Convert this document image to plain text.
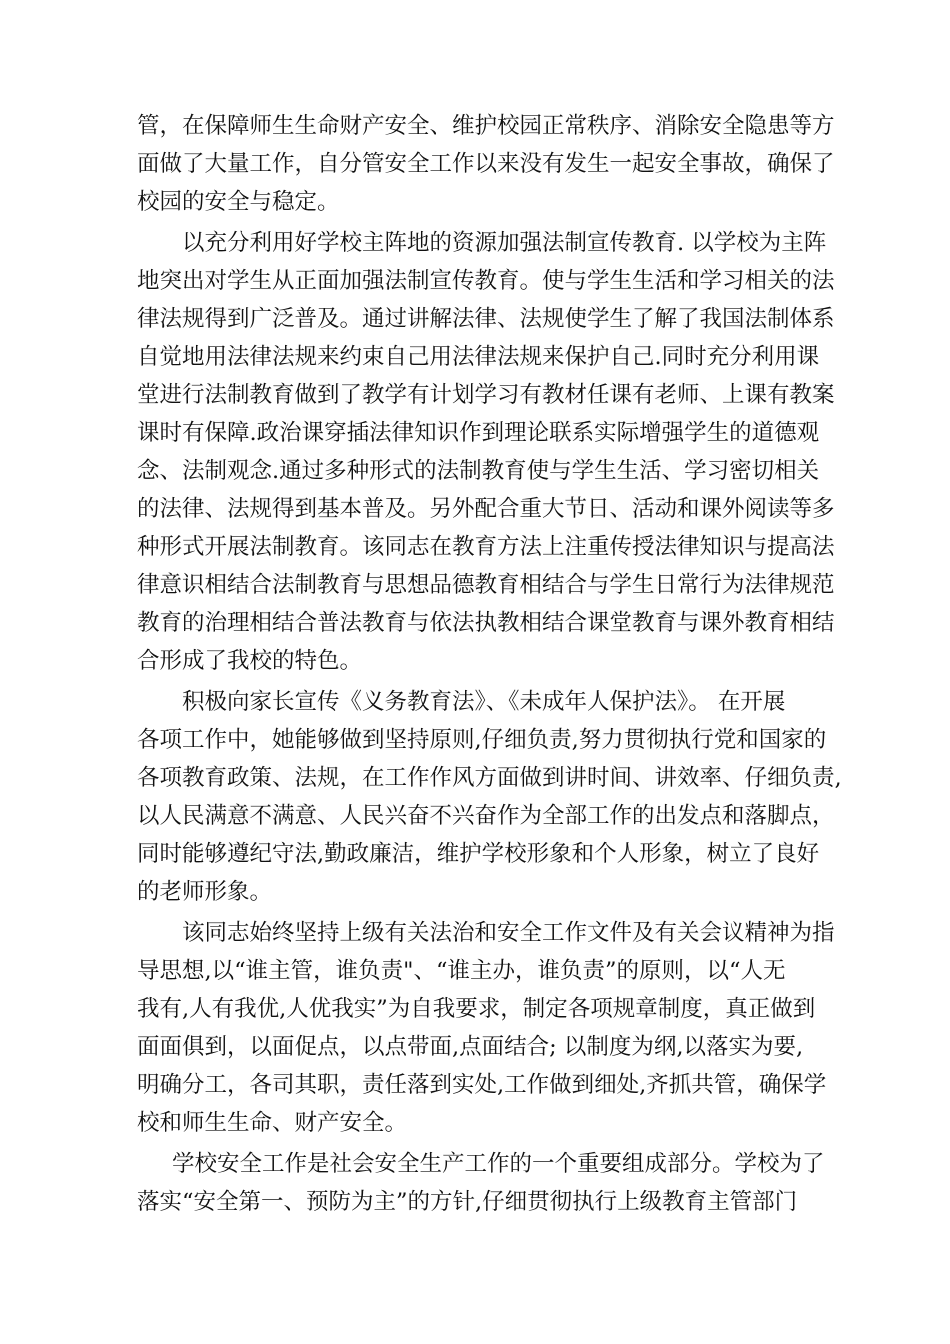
管，在保障师生生命财产安全、维护校园正常秩序、消除安全隐患等方
面做了大量工作，自分管安全工作以来没有发生一起安全事故，确保了
校园的安全与稳定。
以充分利用好学校主阵地的资源加强法制宣传教育. 以学校为主阵
地突出对学生从正面加强法制宣传教育。使与学生生活和学习相关的法
律法规得到广泛普及。通过讲解法律、法规使学生了解了我国法制体系
自觉地用法律法规来约束自己用法律法规来保护自己.同时充分利用课
堂进行法制教育做到了教学有计划学习有教材任课有老师、上课有教案
课时有保障.政治课穿插法律知识作到理论联系实际增强学生的道德观
念、法制观念.通过多种形式的法制教育使与学生生活、学习密切相关
的法律、法规得到基本普及。另外配合重大节日、活动和课外阅读等多
种形式开展法制教育。该同志在教育方法上注重传授法律知识与提高法
律意识相结合法制教育与思想品德教育相结合与学生日常行为法律规范
教育的治理相结合普法教育与依法执教相结合课堂教育与课外教育相结
合形成了我校的特色。
积极向家长宣传《义务教育法》、《未成年人保护法》。 在开展
各项工作中，她能够做到坚持原则,仔细负责,努力贯彻执行党和国家的
各项教育政策、法规，在工作作风方面做到讲时间、讲效率、仔细负责,
以人民满意不满意、人民兴奋不兴奋作为全部工作的出发点和落脚点，
同时能够遵纪守法,勤政廉洁，维护学校形象和个人形象，树立了良好
的老师形象。
该同志始终坚持上级有关法治和安全工作文件及有关会议精神为指
导思想,以“谁主管，谁负责"、“谁主办，谁负责”的原则，以“人无
我有,人有我优,人优我实”为自我要求，制定各项规章制度，真正做到
面面俱到，以面促点，以点带面,点面结合; 以制度为纲,以落实为要,
明确分工，各司其职，责任落到实处,工作做到细处,齐抓共管，确保学
校和师生生命、财产安全。
学校安全工作是社会安全生产工作的一个重要组成部分。学校为了
落实“安全第一、预防为主”的方针,仔细贯彻执行上级教育主管部门
